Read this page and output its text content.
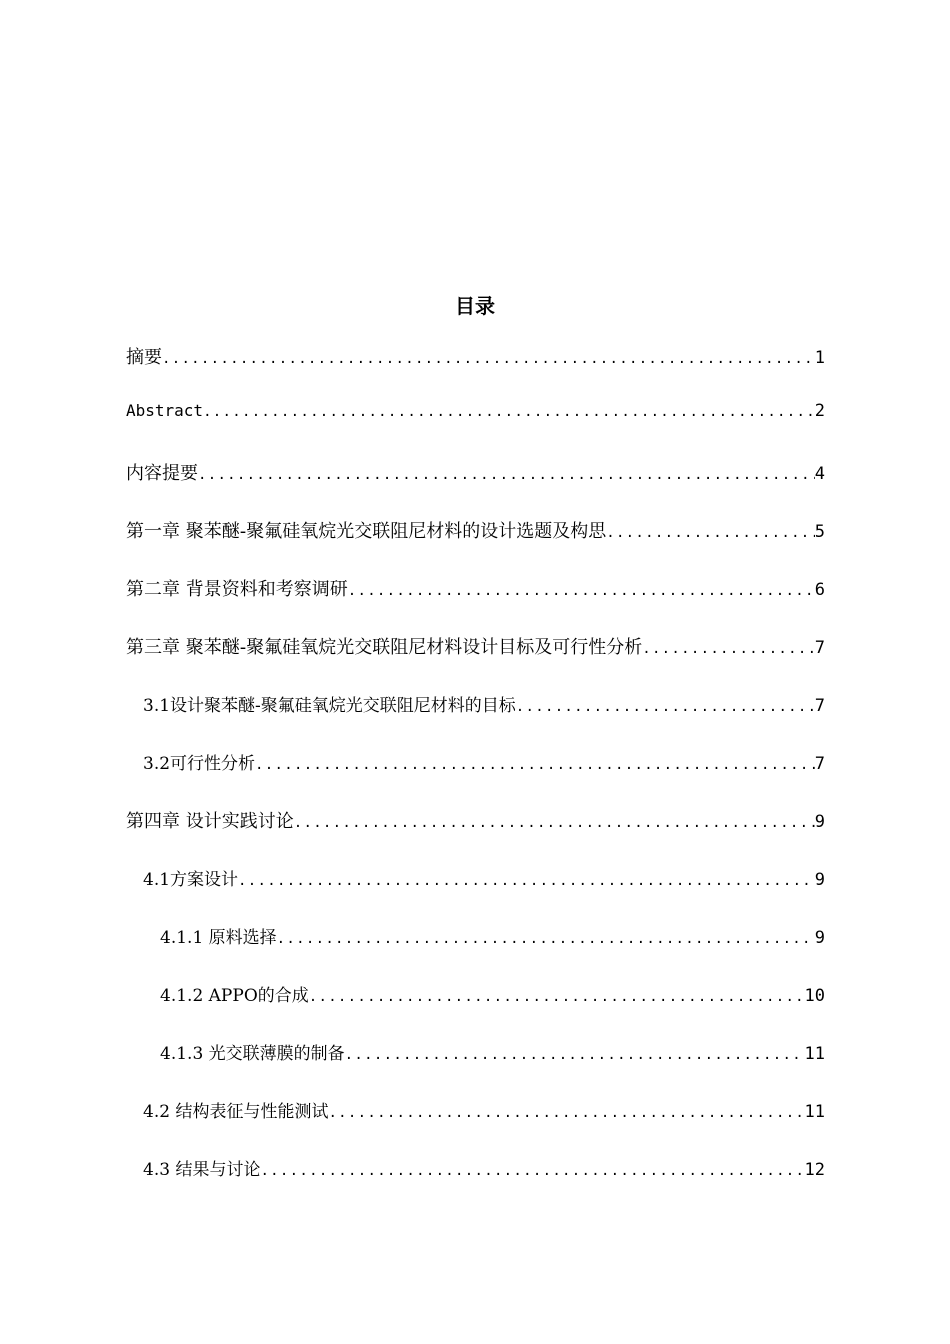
目录
摘要 .....	1
Abstract .....	2
内容提要 .....	4
第一章 聚苯醚-聚氟硅氧烷光交联阻尼材料的设计选题及构思 .....	5
第二章 背景资料和考察调研 .....	6
第三章 聚苯醚-聚氟硅氧烷光交联阻尼材料设计目标及可行性分析 .....	7
3.1设计聚苯醚-聚氟硅氧烷光交联阻尼材料的目标 .....	7
3.2可行性分析 .....	7
第四章 设计实践讨论 .....	9
4.1方案设计 .....	9
4.1.1 原料选择 .....	9
4.1.2 APPO的合成 .....	10
4.1.3 光交联薄膜的制备 .....	11
4.2 结构表征与性能测试 .....	11
4.3 结果与讨论 .....	12
